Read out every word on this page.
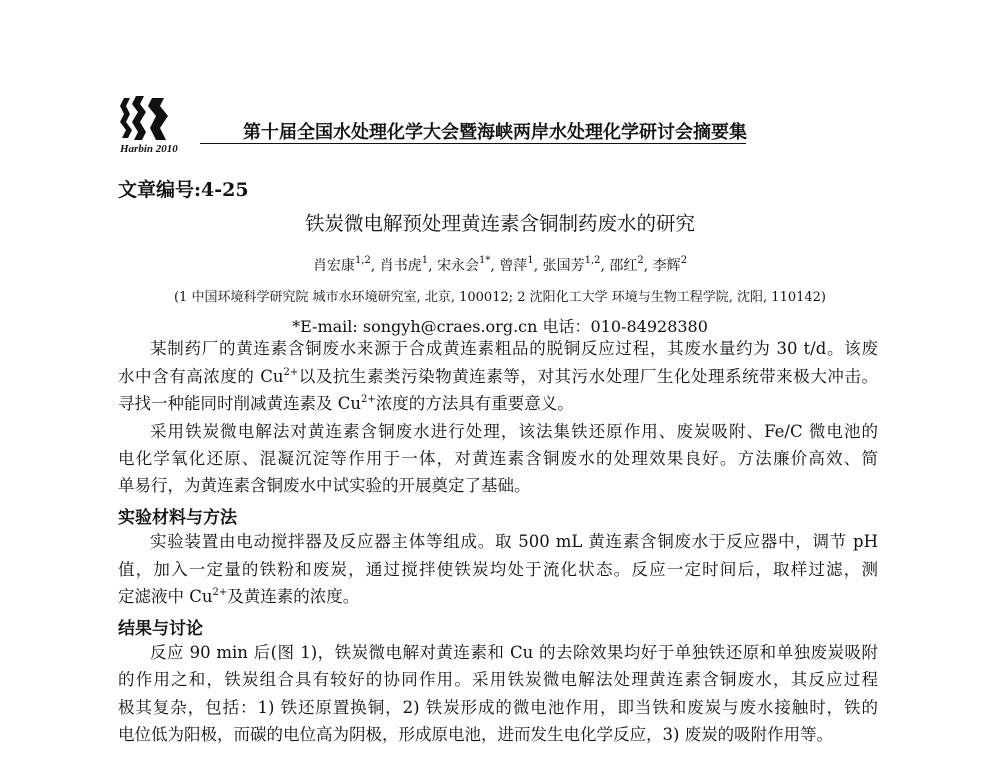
Harbin 2010
第十届全国水处理化学大会暨海峡两岸水处理化学研讨会摘要集
文章编号:4-25
铁炭微电解预处理黄连素含铜制药废水的研究
肖宏康$^{1,2}$, 肖书虎$^1$, 宋永会$^{1*}$, 曾萍$^1$, 张国芳$^{1,2}$, 邵红$^2$, 李辉$^2$
(1 中国环境科学研究院 城市水环境研究室, 北京, 100012; 2 沈阳化工大学 环境与生物工程学院, 沈阳, 110142)
*E-mail: songyh@craes.org.cn 电话：010-84928380
某制药厂的黄连素含铜废水来源于合成黄连素粗品的脱铜反应过程，其废水量约为 30 t/d。该废
水中含有高浓度的 $Cu^{2+}$以及抗生素类污染物黄连素等，对其污水处理厂生化处理系统带来极大冲击。
寻找一种能同时削减黄连素及 $Cu^{2+}$浓度的方法具有重要意义。
采用铁炭微电解法对黄连素含铜废水进行处理，该法集铁还原作用、废炭吸附、Fe/C 微电池的
电化学氧化还原、混凝沉淀等作用于一体，对黄连素含铜废水的处理效果良好。方法廉价高效、简
单易行，为黄连素含铜废水中试实验的开展奠定了基础。
实验材料与方法
实验装置由电动搅拌器及反应器主体等组成。取 500 mL 黄连素含铜废水于反应器中，调节 pH
值，加入一定量的铁粉和废炭，通过搅拌使铁炭均处于流化状态。反应一定时间后，取样过滤，测
定滤液中 $Cu^{2+}$及黄连素的浓度。
结果与讨论
反应 90 min 后(图 1)，铁炭微电解对黄连素和 Cu 的去除效果均好于单独铁还原和单独废炭吸附
的作用之和，铁炭组合具有较好的协同作用。采用铁炭微电解法处理黄连素含铜废水，其反应过程
极其复杂，包括：1) 铁还原置换铜，2) 铁炭形成的微电池作用，即当铁和废炭与废水接触时，铁的
电位低为阳极，而碳的电位高为阴极，形成原电池，进而发生电化学反应，3) 废炭的吸附作用等。
